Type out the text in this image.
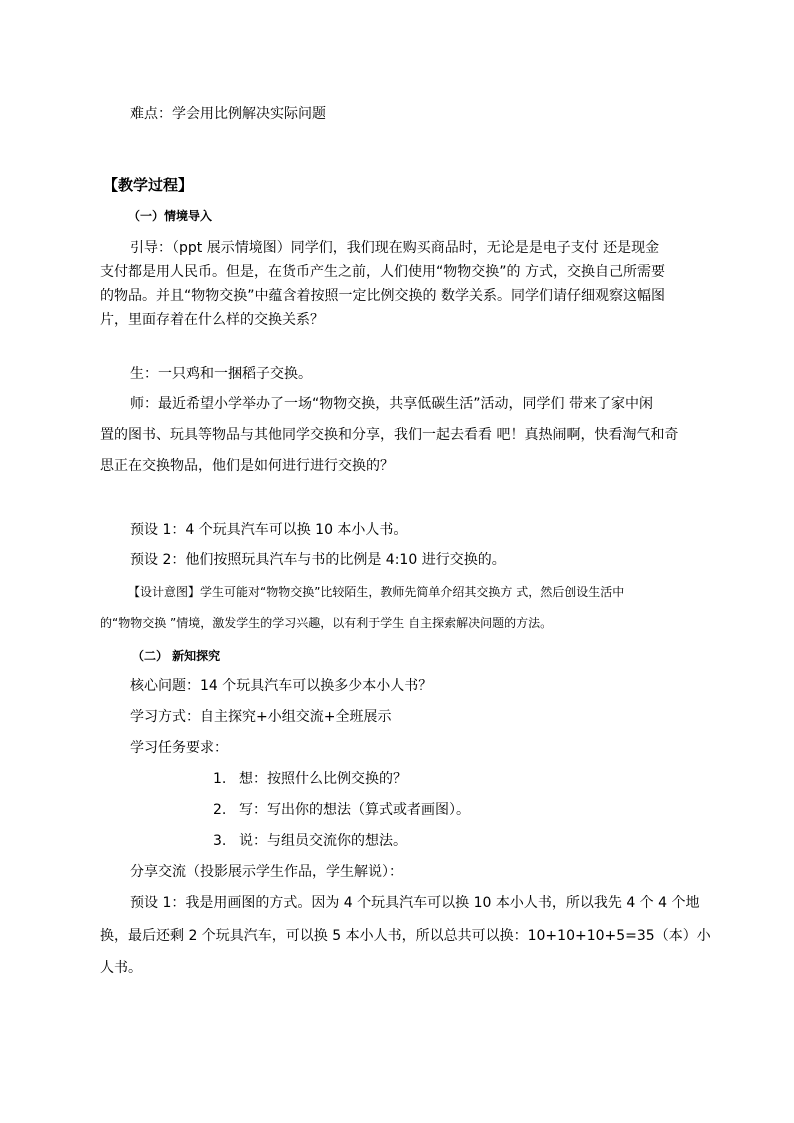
难点：学会用比例解决实际问题
【教学过程】
（一）情境导入
引导：（ppt 展示情境图）同学们，我们现在购买商品时，无论是是电子支付 还是现金
支付都是用人民币。但是，在货币产生之前，人们使用“物物交换”的 方式，交换自己所需要
的物品。并且“物物交换”中蕴含着按照一定比例交换的 数学关系。同学们请仔细观察这幅图
片，里面存着在什么样的交换关系？
生：一只鸡和一捆稻子交换。
师：最近希望小学举办了一场“物物交换，共享低碳生活”活动，同学们 带来了家中闲
置的图书、玩具等物品与其他同学交换和分享，我们一起去看看 吧！真热闹啊，快看淘气和奇
思正在交换物品，他们是如何进行进行交换的？
预设 1：4 个玩具汽车可以换 10 本小人书。
预设 2：他们按照玩具汽车与书的比例是 4:10 进行交换的。
【设计意图】学生可能对“物物交换”比较陌生，教师先简单介绍其交换方 式，然后创设生活中
的“物物交换 ”情境，激发学生的学习兴趣，以有利于学生 自主探索解决问题的方法。
（二） 新知探究
核心问题：14 个玩具汽车可以换多少本小人书？
学习方式：自主探究+小组交流+全班展示
学习任务要求：
1. 想：按照什么比例交换的？
2. 写：写出你的想法（算式或者画图）。
3. 说：与组员交流你的想法。
分享交流（投影展示学生作品，学生解说）：
预设 1：我是用画图的方式。因为 4 个玩具汽车可以换 10 本小人书，所以我先 4 个 4 个地
换，最后还剩 2 个玩具汽车，可以换 5 本小人书，所以总共可以换：10+10+10+5=35（本）小
人书。
